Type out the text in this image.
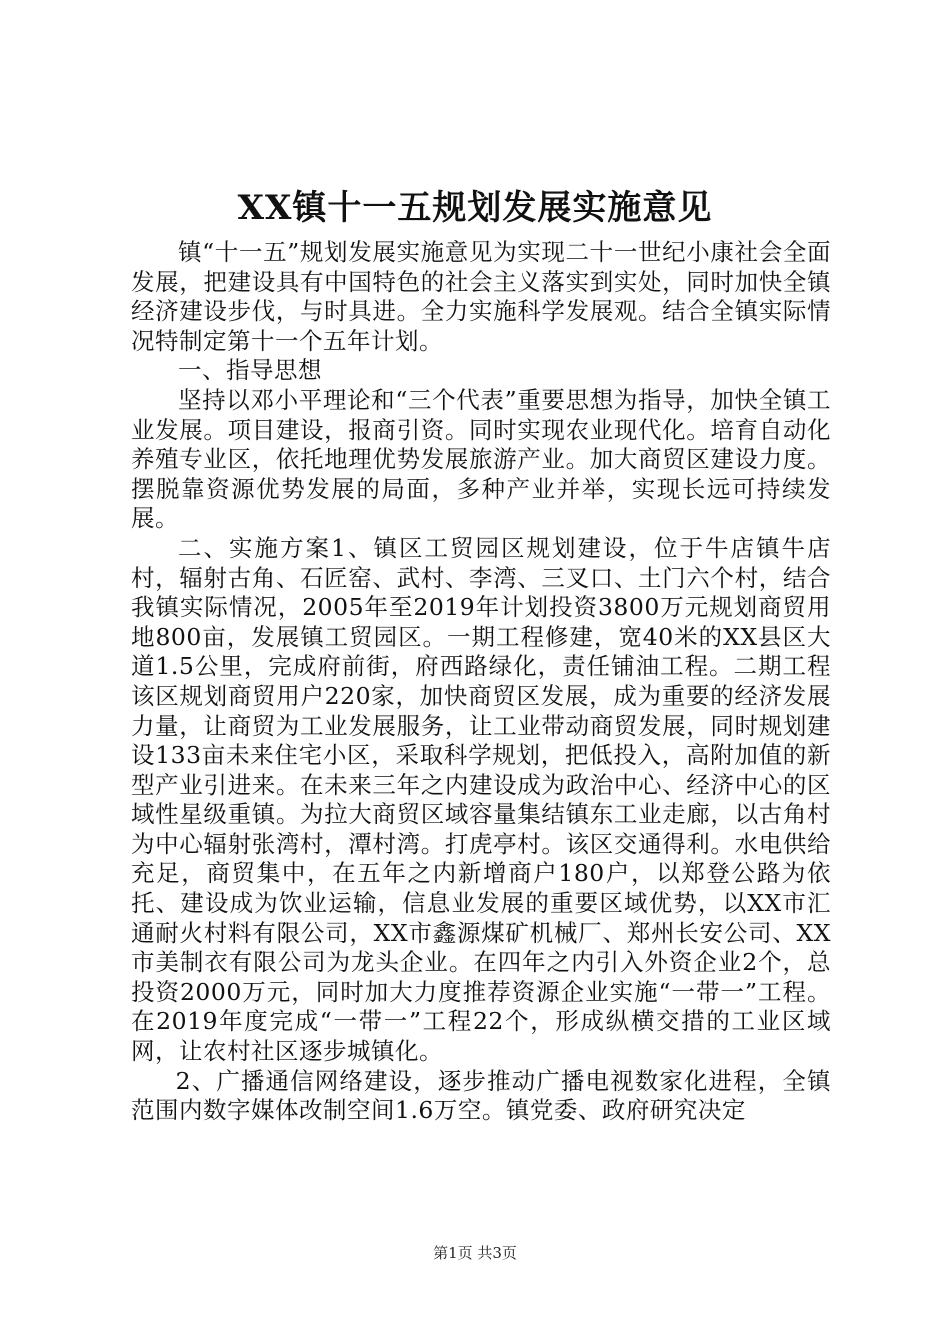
XX镇十一五规划发展实施意见

镇“十一五”规划发展实施意见为实现二十一世纪小康社会全面发展，把建设具有中国特色的社会主义落实到实处，同时加快全镇经济建设步伐，与时具进。全力实施科学发展观。结合全镇实际情况特制定第十一个五年计划。

一、指导思想

坚持以邓小平理论和“三个代表”重要思想为指导，加快全镇工业发展。项目建设，报商引资。同时实现农业现代化。培育自动化养殖专业区，依托地理优势发展旅游产业。加大商贸区建设力度。摆脱靠资源优势发展的局面，多种产业并举，实现长远可持续发展。

二、实施方案1、镇区工贸园区规划建设，位于牛店镇牛店村，辐射古角、石匠窑、武村、李湾、三叉口、土门六个村，结合我镇实际情况，2005年至2019年计划投资3800万元规划商贸用地800亩，发展镇工贸园区。一期工程修建，宽40米的XX县区大道1.5公里，完成府前街，府西路绿化，责任铺油工程。二期工程该区规划商贸用户220家，加快商贸区发展，成为重要的经济发展力量，让商贸为工业发展服务，让工业带动商贸发展，同时规划建设133亩未来住宅小区，采取科学规划，把低投入，高附加值的新型产业引进来。在未来三年之内建设成为政治中心、经济中心的区域性星级重镇。为拉大商贸区域容量集结镇东工业走廊，以古角村为中心辐射张湾村，潭村湾。打虎亭村。该区交通得利。水电供给充足，商贸集中，在五年之内新增商户180户，以郑登公路为依托、建设成为饮业运输，信息业发展的重要区域优势，以XX市汇通耐火村料有限公司，XX市鑫源煤矿机械厂、郑州长安公司、XX市美制衣有限公司为龙头企业。在四年之内引入外资企业2个，总投资2000万元，同时加大力度推荐资源企业实施“一带一”工程。在2019年度完成“一带一”工程22个，形成纵横交措的工业区域网，让农村社区逐步城镇化。

2、广播通信网络建设，逐步推动广播电视数家化进程，全镇范围内数字媒体改制空间1.6万空。镇党委、政府研究决定

第1页 共3页
